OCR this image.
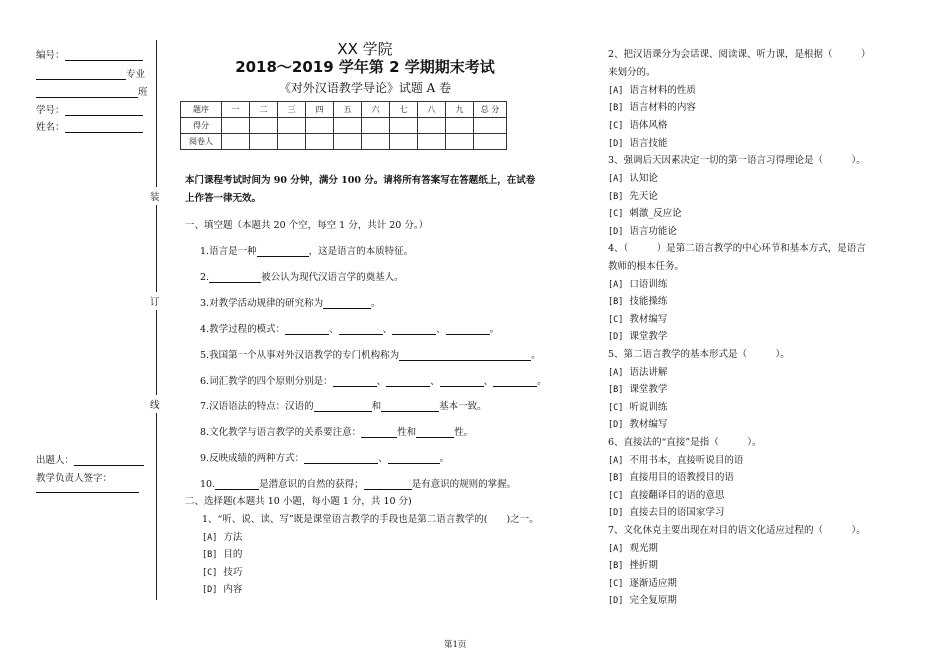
编号：
专业
班
学号：
姓名：
装
订
线
出题人：
教学负责人签字：
XX 学院
2018～2019 学年第 2 学期期末考试
《对外汉语教学导论》试题 A 卷
题序	一	二	三	四	五	六	七	八	九	总 分
得分										
阅卷人										
本门课程考试时间为 90 分钟，满分 100 分。请将所有答案写在答题纸上，在试卷
上作答一律无效。
一、填空题（本题共 20 个空，每空 1 分，共计 20 分。）
1.语言是一种	，这是语言的本质特征。
2.	被公认为现代汉语言学的奠基人。
3.对教学活动规律的研究称为	。
4.教学过程的模式：	、	、	、	。
5.我国第一个从事对外汉语教学的专门机构称为	。
6.词汇教学的四个原则分别是：	、	、	、	。
7.汉语语法的特点：汉语的	和	基本一致。
8.文化教学与语言教学的关系要注意：	性和	性。
9.反映成绩的两种方式：	、	。
10.	是潜意识的自然的获得；	是有意识的规则的掌握。
二、选择题(本题共 10 小题，每小题 1 分，共 10 分)
1、“听、说、读、写”既是课堂语言教学的手段也是第二语言教学的(　　)之一。
[A] 方法
[B] 目的
[C] 技巧
[D] 内容
2、把汉语课分为会话课、阅读课、听力课，是根据（　　　）
来划分的。
[A] 语言材料的性质
[B] 语言材料的内容
[C] 语体风格
[D] 语言技能
3、强调后天因素决定一切的第一语言习得理论是（　　　）。
[A] 认知论
[B] 先天论
[C] 刺激_反应论
[D] 语言功能论
4、（　　　）是第二语言教学的中心环节和基本方式，是语言
教师的根本任务。
[A] 口语训练
[B] 技能操练
[C] 教材编写
[D] 课堂教学
5、第二语言教学的基本形式是（　　　）。
[A] 语法讲解
[B] 课堂教学
[C] 听说训练
[D] 教材编写
6、直接法的“直接”是指（　　　）。
[A] 不用书本，直接听说目的语
[B] 直接用目的语教授目的语
[C] 直接翻译目的语的意思
[D] 直接去目的语国家学习
7、文化休克主要出现在对目的语文化适应过程的（　　　）。
[A] 观光期
[B] 挫折期
[C] 逐渐适应期
[D] 完全复原期
第1页
